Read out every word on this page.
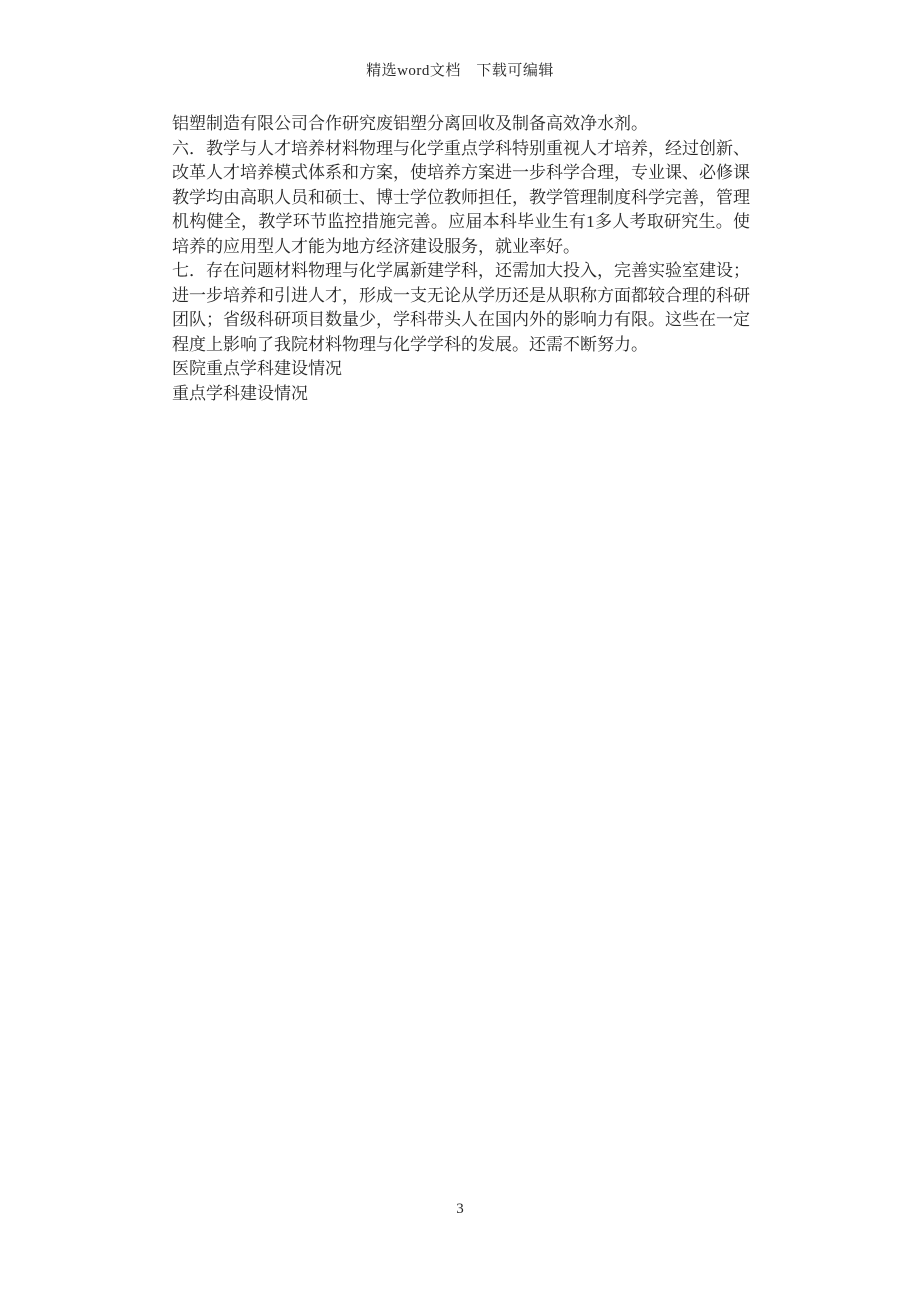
精选word文档　下载可编辑

铝塑制造有限公司合作研究废铝塑分离回收及制备高效净水剂。

六．教学与人才培养材料物理与化学重点学科特别重视人才培养，经过创新、改革人才培养模式体系和方案，使培养方案进一步科学合理，专业课、必修课教学均由高职人员和硕士、博士学位教师担任，教学管理制度科学完善，管理机构健全，教学环节监控措施完善。应届本科毕业生有1多人考取研究生。使培养的应用型人才能为地方经济建设服务，就业率好。

七．存在问题材料物理与化学属新建学科，还需加大投入，完善实验室建设；进一步培养和引进人才，形成一支无论从学历还是从职称方面都较合理的科研团队；省级科研项目数量少，学科带头人在国内外的影响力有限。这些在一定程度上影响了我院材料物理与化学学科的发展。还需不断努力。

医院重点学科建设情况

重点学科建设情况

3
